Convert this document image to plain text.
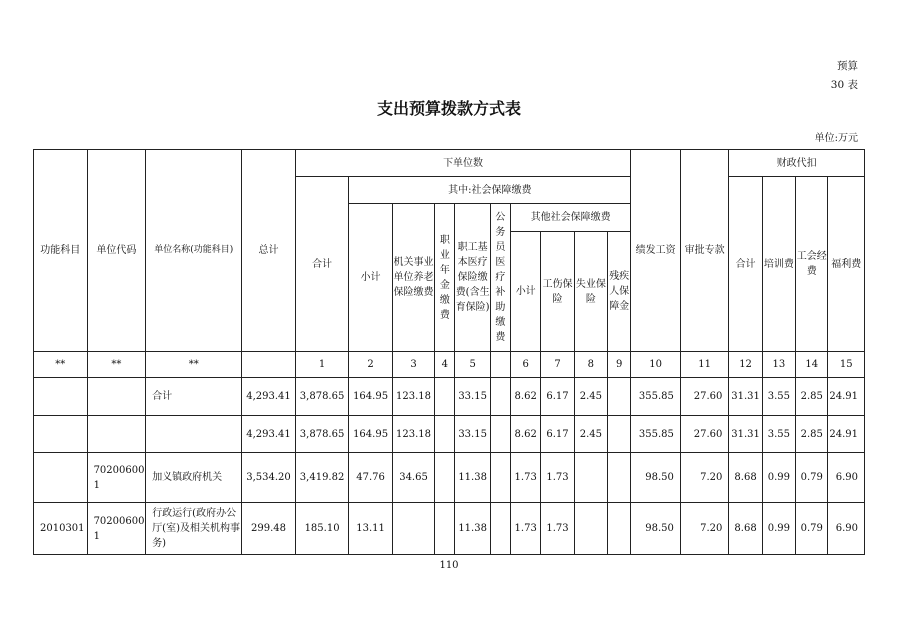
预算
30 表
支出预算拨款方式表
单位:万元
功能科目	单位代码	单位名称(功能科目)	总计	下单位数										绩发工资	审批专款	财政代扣			
				合计	其中:社会保障缴费											合计	培训费	工会经费	福利费
					小计	机关事业单位养老保险缴费	职业年金缴费	职工基本医疗保险缴费(含生育保险)	公务员医疗补助缴费	其他社会保障缴费									
										小计	工伤保险	失业保险	残疾人保障金						
**	**	**		1	2	3	4	5		6	7	8	9	10	11	12	13	14	15
		合计	4,293.41	3,878.65	164.95	123.18		33.15		8.62	6.17	2.45		355.85	27.60	31.31	3.55	2.85	24.91
			4,293.41	3,878.65	164.95	123.18		33.15		8.62	6.17	2.45		355.85	27.60	31.31	3.55	2.85	24.91
	702006001	加义镇政府机关	3,534.20	3,419.82	47.76	34.65		11.38		1.73	1.73			98.50	7.20	8.68	0.99	0.79	6.90
2010301	702006001	行政运行(政府办公厅(室)及相关机构事务)	299.48	185.10	13.11			11.38		1.73	1.73			98.50	7.20	8.68	0.99	0.79	6.90
110
